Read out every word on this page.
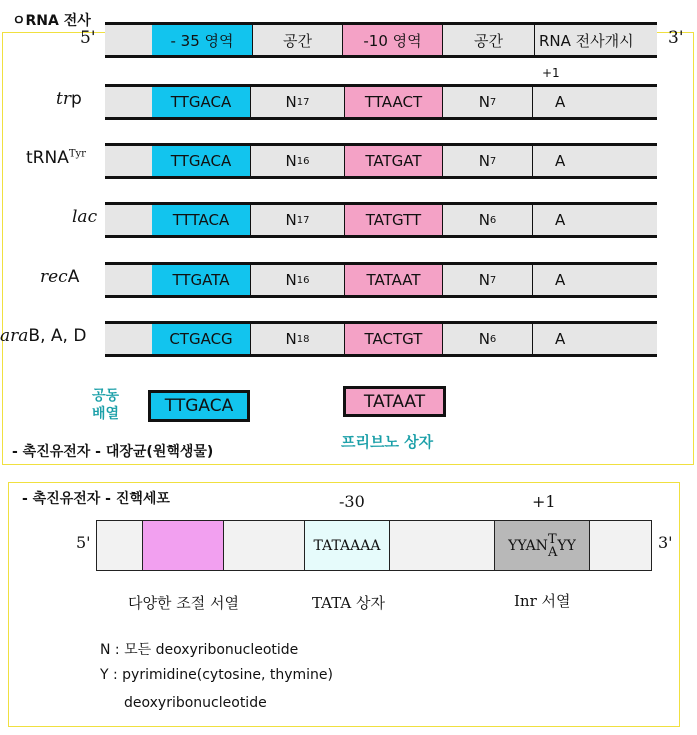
ㅇRNA 전사
5'	- 35 영역	공간	-10 영역	공간	RNA 전사개시	3'
+1
trp	TTGACA	N 17	TTAACT	N 7	A
tRNA$^{Tyr}$	TTGACA	N 16	TATGAT	N 7	A
lac	TTTACA	N 17	TATGTT	N 6	A
recA	TTGATA	N 16	TATAAT	N 7	A
araB, A, D	CTGACG	N 18	TACTGT	N 6	A
공동
배열	TTGACA	TATAAT
프리브노 상자
- 촉진유전자 - 대장균(원핵생물)
- 촉진유전자 - 진핵세포	-30	+1
5'	3'
TATAAAA	YYAN T
A YY
다양한 조절 서열	TATA 상자	Inr 서열
N : 모든 deoxyribonucleotide
Y : pyrimidine(cytosine, thymine)
deoxyribonucleotide
